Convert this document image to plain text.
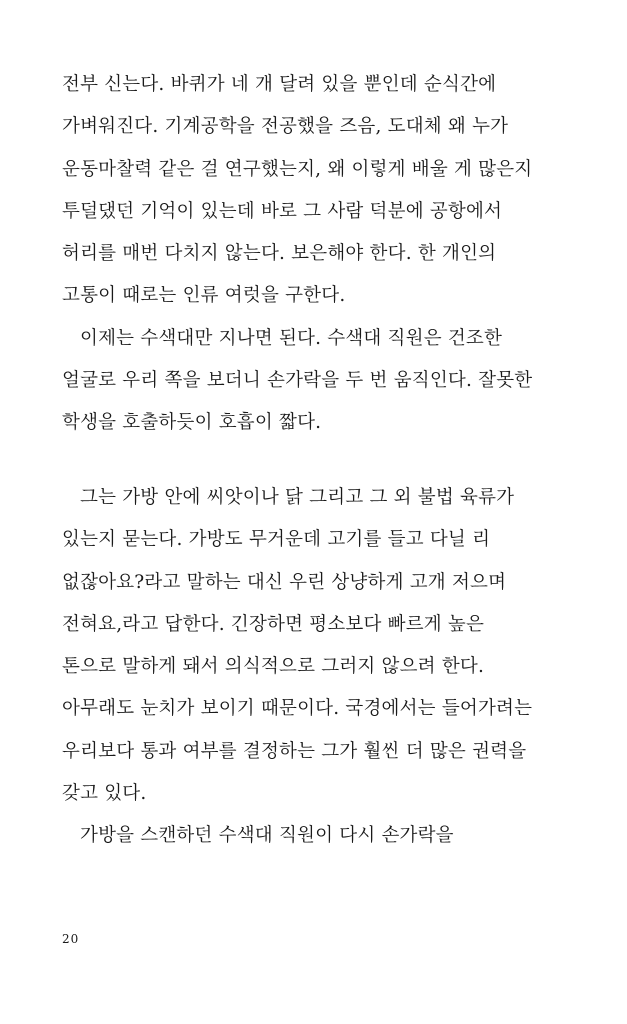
전부 신는다. 바퀴가 네 개 달려 있을 뿐인데 순식간에
가벼워진다. 기계공학을 전공했을 즈음, 도대체 왜 누가
운동마찰력 같은 걸 연구했는지, 왜 이렇게 배울 게 많은지
투덜댔던 기억이 있는데 바로 그 사람 덕분에 공항에서
허리를 매번 다치지 않는다. 보은해야 한다. 한 개인의
고통이 때로는 인류 여럿을 구한다.
이제는 수색대만 지나면 된다. 수색대 직원은 건조한
얼굴로 우리 쪽을 보더니 손가락을 두 번 움직인다. 잘못한
학생을 호출하듯이 호흡이 짧다.
그는 가방 안에 씨앗이나 닭 그리고 그 외 불법 육류가
있는지 묻는다. 가방도 무거운데 고기를 들고 다닐 리
없잖아요?라고 말하는 대신 우린 상냥하게 고개 저으며
전혀요,라고 답한다. 긴장하면 평소보다 빠르게 높은
톤으로 말하게 돼서 의식적으로 그러지 않으려 한다.
아무래도 눈치가 보이기 때문이다. 국경에서는 들어가려는
우리보다 통과 여부를 결정하는 그가 훨씬 더 많은 권력을
갖고 있다.
가방을 스캔하던 수색대 직원이 다시 손가락을
20
